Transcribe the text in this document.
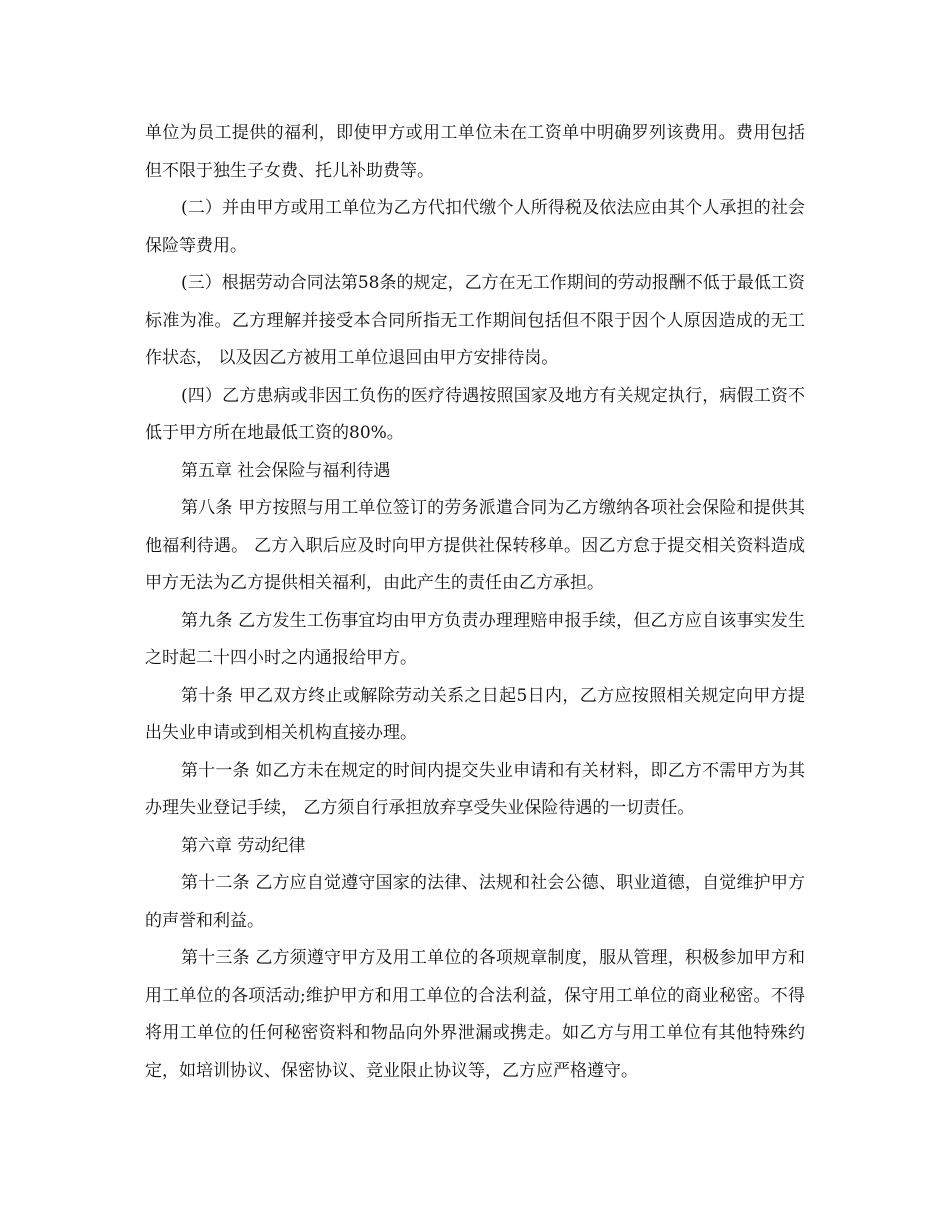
单位为员工提供的福利，即使甲方或用工单位未在工资单中明确罗列该费用。费用包括但不限于独生子女费、托儿补助费等。

(二）并由甲方或用工单位为乙方代扣代缴个人所得税及依法应由其个人承担的社会保险等费用。

(三）根据劳动合同法第58条的规定，乙方在无工作期间的劳动报酬不低于最低工资标准为准。乙方理解并接受本合同所指无工作期间包括但不限于因个人原因造成的无工作状态， 以及因乙方被用工单位退回由甲方安排待岗。

(四）乙方患病或非因工负伤的医疗待遇按照国家及地方有关规定执行，病假工资不低于甲方所在地最低工资的80%。

第五章 社会保险与福利待遇

第八条 甲方按照与用工单位签订的劳务派遣合同为乙方缴纳各项社会保险和提供其他福利待遇。 乙方入职后应及时向甲方提供社保转移单。因乙方怠于提交相关资料造成甲方无法为乙方提供相关福利，由此产生的责任由乙方承担。

第九条 乙方发生工伤事宜均由甲方负责办理理赔申报手续，但乙方应自该事实发生之时起二十四小时之内通报给甲方。

第十条 甲乙双方终止或解除劳动关系之日起5日内，乙方应按照相关规定向甲方提出失业申请或到相关机构直接办理。

第十一条 如乙方未在规定的时间内提交失业申请和有关材料，即乙方不需甲方为其办理失业登记手续， 乙方须自行承担放弃享受失业保险待遇的一切责任。

第六章 劳动纪律

第十二条 乙方应自觉遵守国家的法律、法规和社会公德、职业道德，自觉维护甲方的声誉和利益。

第十三条 乙方须遵守甲方及用工单位的各项规章制度，服从管理，积极参加甲方和用工单位的各项活动;维护甲方和用工单位的合法利益，保守用工单位的商业秘密。不得将用工单位的任何秘密资料和物品向外界泄漏或携走。如乙方与用工单位有其他特殊约定，如培训协议、保密协议、竞业限止协议等，乙方应严格遵守。
